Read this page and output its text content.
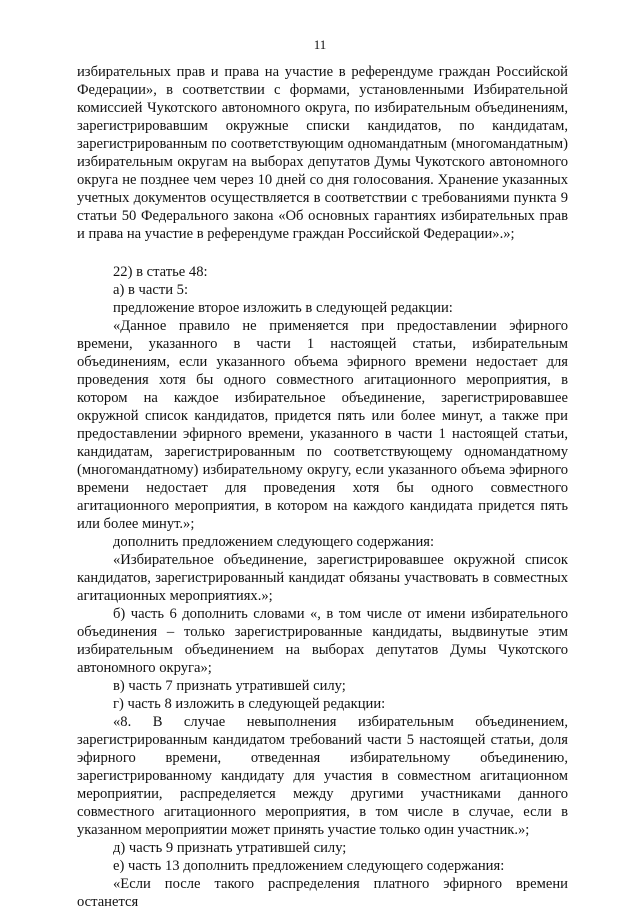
11

избирательных прав и права на участие в референдуме граждан Российской Федерации», в соответствии с формами, установленными Избирательной комиссией Чукотского автономного округа, по избирательным объединениям, зарегистрировавшим окружные списки кандидатов, по кандидатам, зарегистрированным по соответствующим одномандатным (многомандатным) избирательным округам на выборах депутатов Думы Чукотского автономного округа не позднее чем через 10 дней со дня голосования. Хранение указанных учетных документов осуществляется в соответствии с требованиями пункта 9 статьи 50 Федерального закона «Об основных гарантиях избирательных прав и права на участие в референдуме граждан Российской Федерации».»;

22) в статье 48:

а) в части 5:

предложение второе изложить в следующей редакции:

«Данное правило не применяется при предоставлении эфирного времени, указанного в части 1 настоящей статьи, избирательным объединениям, если указанного объема эфирного времени недостает для проведения хотя бы одного совместного агитационного мероприятия, в котором на каждое избирательное объединение, зарегистрировавшее окружной список кандидатов, придется пять или более минут, а также при предоставлении эфирного времени, указанного в части 1 настоящей статьи, кандидатам, зарегистрированным по соответствующему одномандатному (многомандатному) избирательному округу, если указанного объема эфирного времени недостает для проведения хотя бы одного совместного агитационного мероприятия, в котором на каждого кандидата придется пять или более минут.»;

дополнить предложением следующего содержания:

«Избирательное объединение, зарегистрировавшее окружной список кандидатов, зарегистрированный кандидат обязаны участвовать в совместных агитационных мероприятиях.»;

б) часть 6 дополнить словами «, в том числе от имени избирательного объединения – только зарегистрированные кандидаты, выдвинутые этим избирательным объединением на выборах депутатов Думы Чукотского автономного округа»;

в) часть 7 признать утратившей силу;

г) часть 8 изложить в следующей редакции:

«8. В случае невыполнения избирательным объединением, зарегистрированным кандидатом требований части 5 настоящей статьи, доля эфирного времени, отведенная избирательному объединению, зарегистрированному кандидату для участия в совместном агитационном мероприятии, распределяется между другими участниками данного совместного агитационного мероприятия, в том числе в случае, если в указанном мероприятии может принять участие только один участник.»;

д) часть 9 признать утратившей силу;

е) часть 13 дополнить предложением следующего содержания:

«Если после такого распределения платного эфирного времени останется
